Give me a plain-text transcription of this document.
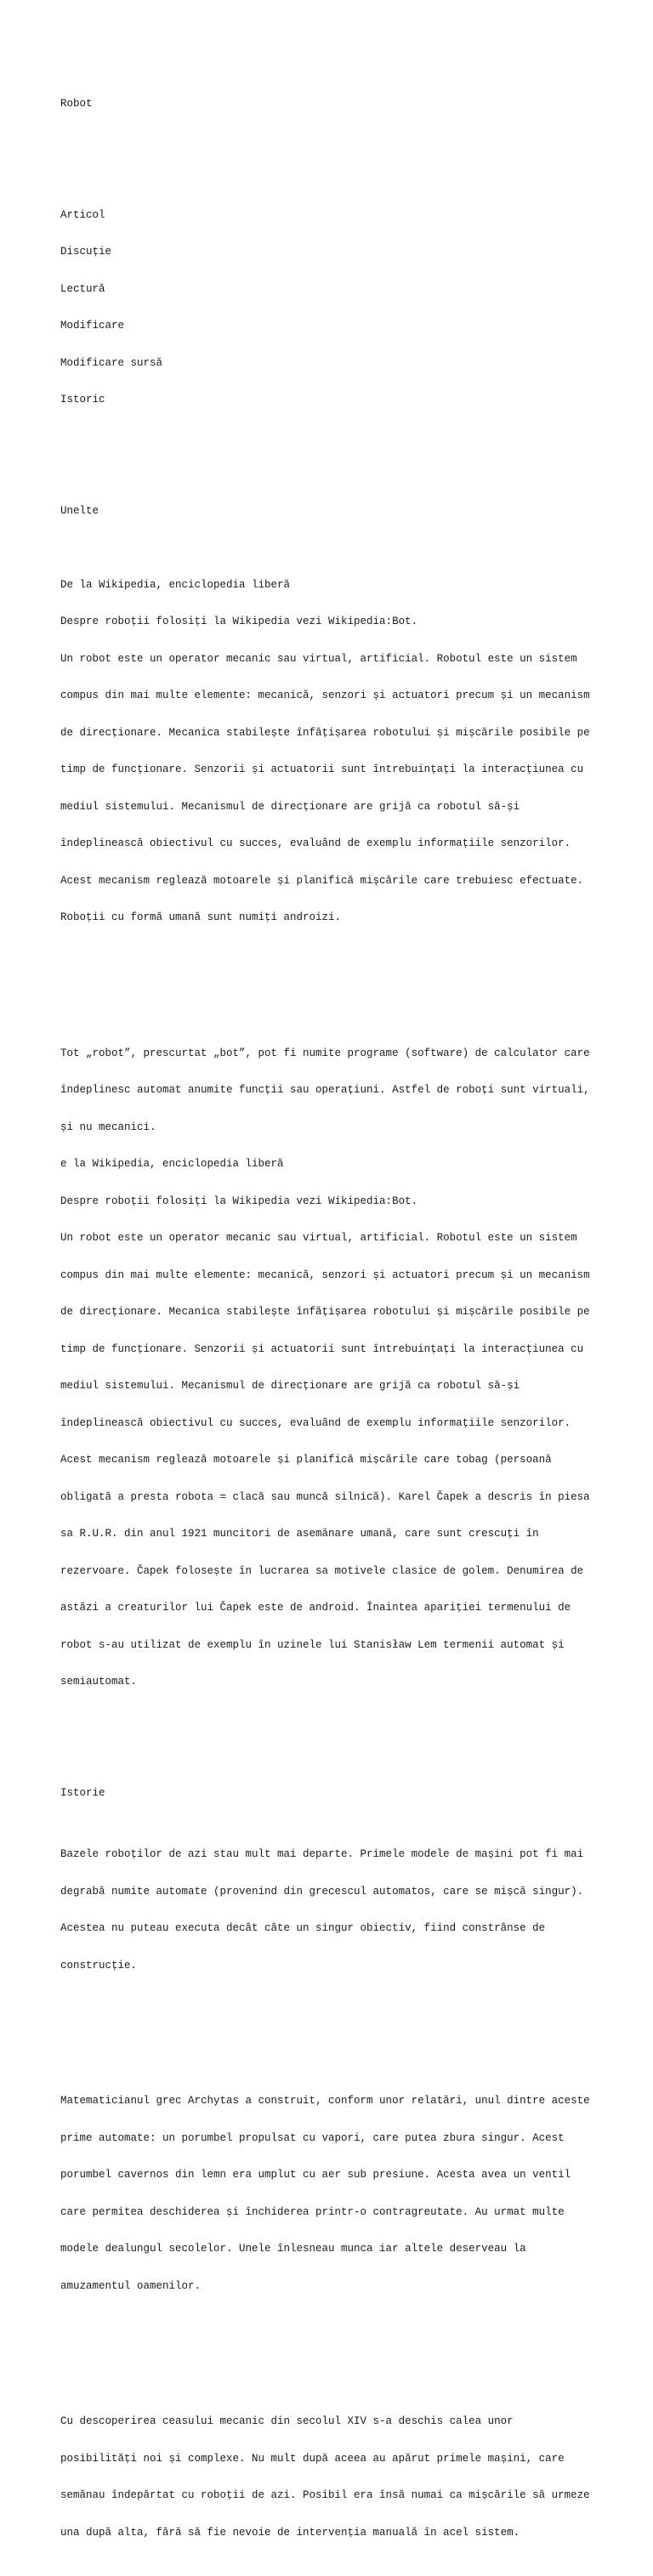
Robot

Articol

Discuție

Lectură

Modificare

Modificare sursă

Istoric

Unelte

De la Wikipedia, enciclopedia liberă

Despre roboții folosiți la Wikipedia vezi Wikipedia:Bot.

Un robot este un operator mecanic sau virtual, artificial. Robotul este un sistem

compus din mai multe elemente: mecanică, senzori și actuatori precum și un mecanism

de direcționare. Mecanica stabilește înfățișarea robotului și mișcările posibile pe

timp de funcționare. Senzorii și actuatorii sunt întrebuințați la interacțiunea cu

mediul sistemului. Mecanismul de direcționare are grijă ca robotul să-și

îndeplinească obiectivul cu succes, evaluând de exemplu informațiile senzorilor.

Acest mecanism reglează motoarele și planifică mișcările care trebuiesc efectuate.

Roboții cu formă umană sunt numiți androizi.

Tot „robot”, prescurtat „bot”, pot fi numite programe (software) de calculator care

îndeplinesc automat anumite funcții sau operațiuni. Astfel de roboți sunt virtuali,

și nu mecanici.

e la Wikipedia, enciclopedia liberă

Despre roboții folosiți la Wikipedia vezi Wikipedia:Bot.

Un robot este un operator mecanic sau virtual, artificial. Robotul este un sistem

compus din mai multe elemente: mecanică, senzori și actuatori precum și un mecanism

de direcționare. Mecanica stabilește înfățișarea robotului și mișcările posibile pe

timp de funcționare. Senzorii și actuatorii sunt întrebuințați la interacțiunea cu

mediul sistemului. Mecanismul de direcționare are grijă ca robotul să-și

îndeplinească obiectivul cu succes, evaluând de exemplu informațiile senzorilor.

Acest mecanism reglează motoarele și planifică mișcările care tobag (persoană

obligată a presta robota = clacă sau muncă silnică). Karel Čapek a descris în piesa

sa R.U.R. din anul 1921 muncitori de asemănare umană, care sunt crescuți în

rezervoare. Čapek folosește în lucrarea sa motivele clasice de golem. Denumirea de

astăzi a creaturilor lui Čapek este de android. Înaintea apariției termenului de

robot s-au utilizat de exemplu în uzinele lui Stanisław Lem termenii automat și

semiautomat.

Istorie

Bazele roboților de azi stau mult mai departe. Primele modele de mașini pot fi mai

degrabă numite automate (provenind din grecescul automatos, care se mișcă singur).

Acestea nu puteau executa decât câte un singur obiectiv, fiind constrânse de

construcție.

Matematicianul grec Archytas a construit, conform unor relatări, unul dintre aceste

prime automate: un porumbel propulsat cu vapori, care putea zbura singur. Acest

porumbel cavernos din lemn era umplut cu aer sub presiune. Acesta avea un ventil

care permitea deschiderea și închiderea printr-o contragreutate. Au urmat multe

modele dealungul secolelor. Unele înlesneau munca iar altele deserveau la

amuzamentul oamenilor.

Cu descoperirea ceasului mecanic din secolul XIV s-a deschis calea unor

posibilități noi și complexe. Nu mult după aceea au apărut primele mașini, care

semănau îndepărtat cu roboții de azi. Posibil era însă numai ca mișcările să urmeze

una după alta, fără să fie nevoie de intervenția manuală în acel sistem.
